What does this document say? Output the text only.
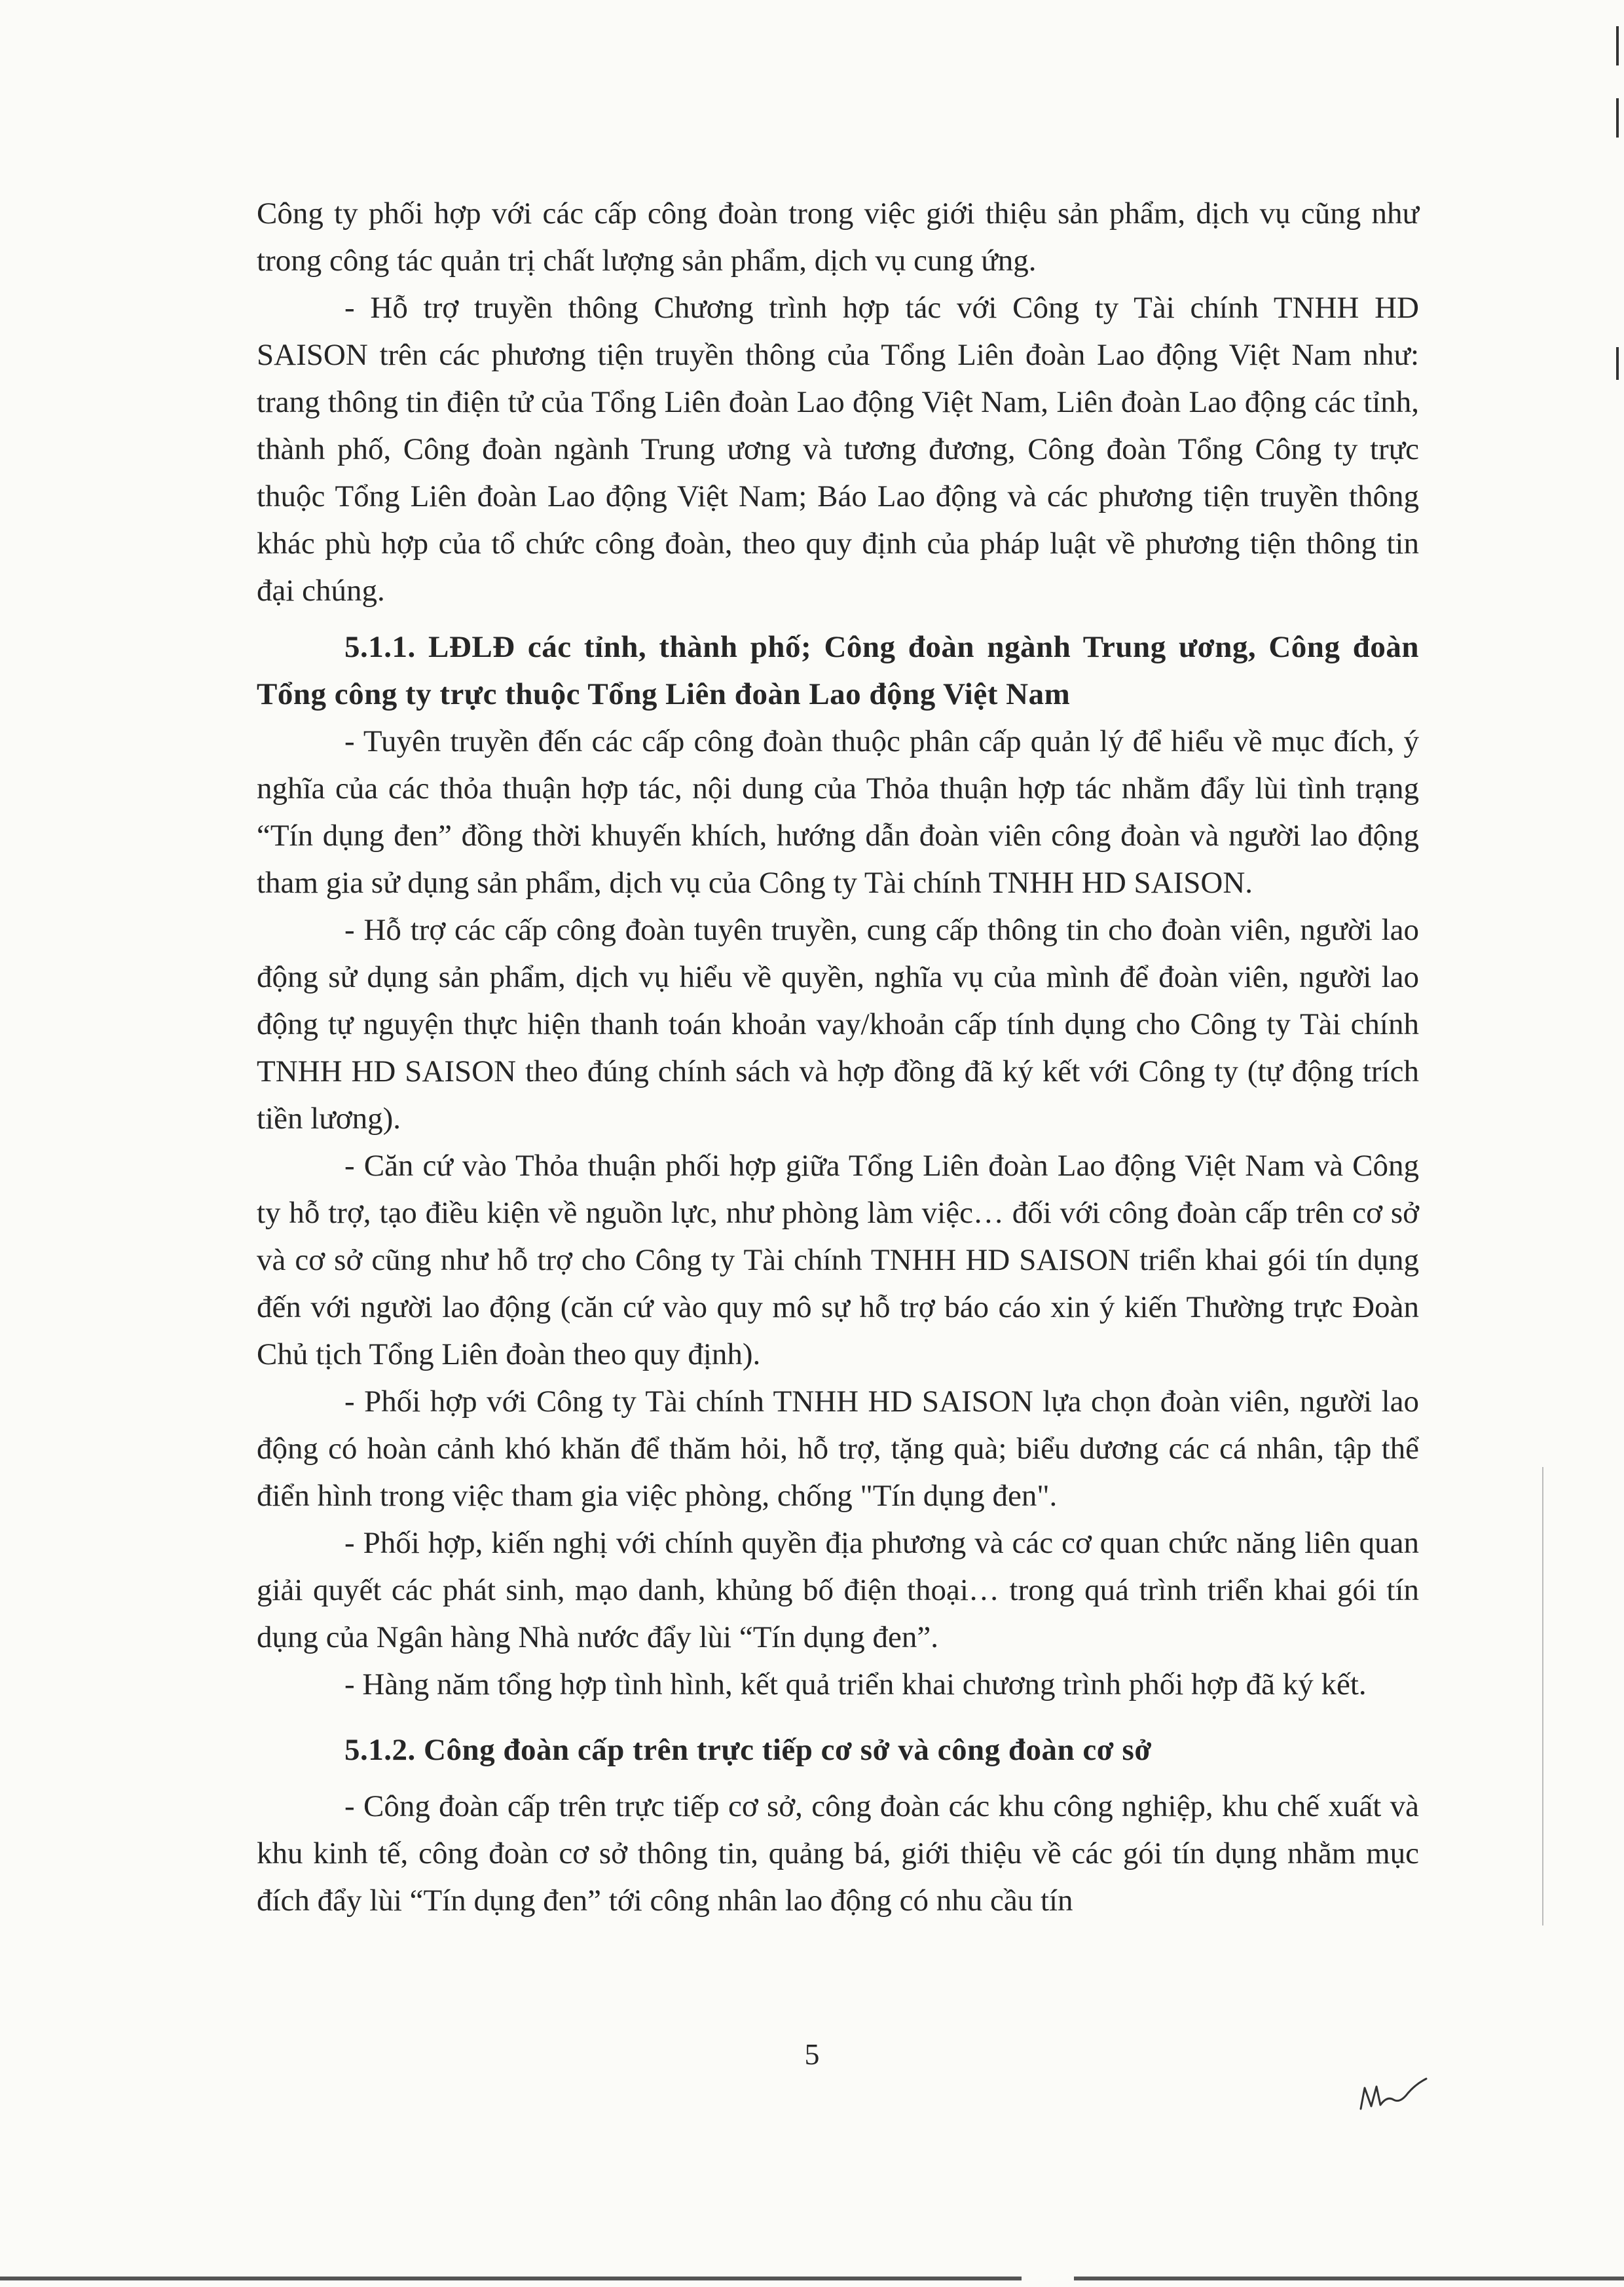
Công ty phối hợp với các cấp công đoàn trong việc giới thiệu sản phẩm, dịch vụ cũng như trong công tác quản trị chất lượng sản phẩm, dịch vụ cung ứng.

- Hỗ trợ truyền thông Chương trình hợp tác với Công ty Tài chính TNHH HD SAISON trên các phương tiện truyền thông của Tổng Liên đoàn Lao động Việt Nam như: trang thông tin điện tử của Tổng Liên đoàn Lao động Việt Nam, Liên đoàn Lao động các tỉnh, thành phố, Công đoàn ngành Trung ương và tương đương, Công đoàn Tổng Công ty trực thuộc Tổng Liên đoàn Lao động Việt Nam; Báo Lao động và các phương tiện truyền thông khác phù hợp của tổ chức công đoàn, theo quy định của pháp luật về phương tiện thông tin đại chúng.

5.1.1. LĐLĐ các tỉnh, thành phố; Công đoàn ngành Trung ương, Công đoàn Tổng công ty trực thuộc Tổng Liên đoàn Lao động Việt Nam

- Tuyên truyền đến các cấp công đoàn thuộc phân cấp quản lý để hiểu về mục đích, ý nghĩa của các thỏa thuận hợp tác, nội dung của Thỏa thuận hợp tác nhằm đẩy lùi tình trạng “Tín dụng đen” đồng thời khuyến khích, hướng dẫn đoàn viên công đoàn và người lao động tham gia sử dụng sản phẩm, dịch vụ của Công ty Tài chính TNHH HD SAISON.

- Hỗ trợ các cấp công đoàn tuyên truyền, cung cấp thông tin cho đoàn viên, người lao động sử dụng sản phẩm, dịch vụ hiểu về quyền, nghĩa vụ của mình để đoàn viên, người lao động tự nguyện thực hiện thanh toán khoản vay/khoản cấp tính dụng cho Công ty Tài chính TNHH HD SAISON theo đúng chính sách và hợp đồng đã ký kết với Công ty (tự động trích tiền lương).

- Căn cứ vào Thỏa thuận phối hợp giữa Tổng Liên đoàn Lao động Việt Nam và Công ty hỗ trợ, tạo điều kiện về nguồn lực, như phòng làm việc… đối với công đoàn cấp trên cơ sở và cơ sở cũng như hỗ trợ cho Công ty Tài chính TNHH HD SAISON triển khai gói tín dụng đến với người lao động (căn cứ vào quy mô sự hỗ trợ báo cáo xin ý kiến Thường trực Đoàn Chủ tịch Tổng Liên đoàn theo quy định).

- Phối hợp với Công ty Tài chính TNHH HD SAISON lựa chọn đoàn viên, người lao động có hoàn cảnh khó khăn để thăm hỏi, hỗ trợ, tặng quà; biểu dương các cá nhân, tập thể điển hình trong việc tham gia việc phòng, chống "Tín dụng đen".

- Phối hợp, kiến nghị với chính quyền địa phương và các cơ quan chức năng liên quan giải quyết các phát sinh, mạo danh, khủng bố điện thoại… trong quá trình triển khai gói tín dụng của Ngân hàng Nhà nước đẩy lùi “Tín dụng đen”.

- Hàng năm tổng hợp tình hình, kết quả triển khai chương trình phối hợp đã ký kết.

5.1.2. Công đoàn cấp trên trực tiếp cơ sở và công đoàn cơ sở

- Công đoàn cấp trên trực tiếp cơ sở, công đoàn các khu công nghiệp, khu chế xuất và khu kinh tế, công đoàn cơ sở thông tin, quảng bá, giới thiệu về các gói tín dụng nhằm mục đích đẩy lùi “Tín dụng đen” tới công nhân lao động có nhu cầu tín

5
